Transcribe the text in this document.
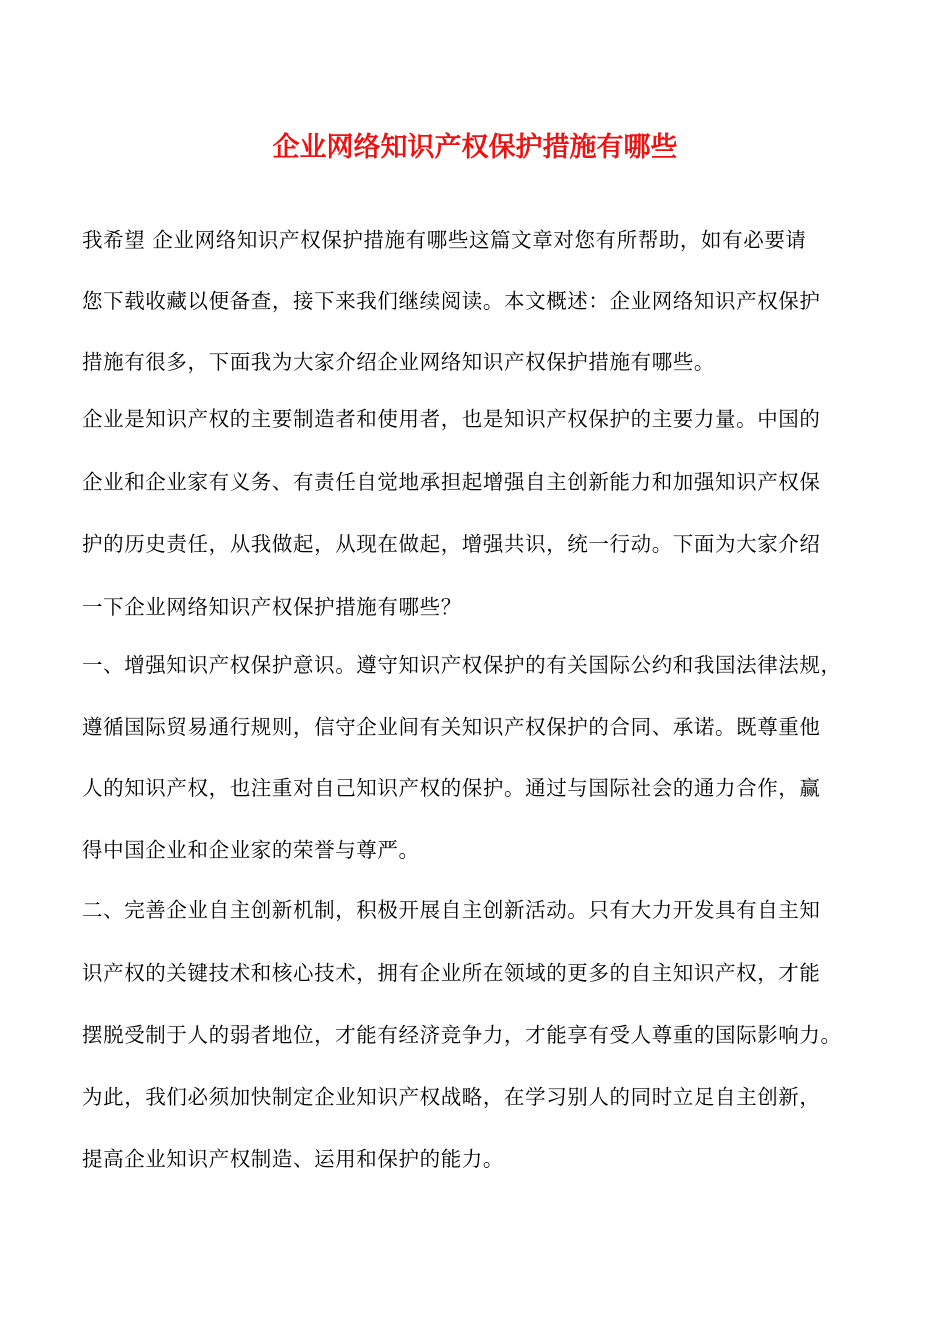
企业网络知识产权保护措施有哪些

我希望 企业网络知识产权保护措施有哪些这篇文章对您有所帮助，如有必要请

您下载收藏以便备查，接下来我们继续阅读。本文概述：企业网络知识产权保护

措施有很多，下面我为大家介绍企业网络知识产权保护措施有哪些。

企业是知识产权的主要制造者和使用者，也是知识产权保护的主要力量。中国的

企业和企业家有义务、有责任自觉地承担起增强自主创新能力和加强知识产权保

护的历史责任，从我做起，从现在做起，增强共识，统一行动。下面为大家介绍

一下企业网络知识产权保护措施有哪些？

一、增强知识产权保护意识。遵守知识产权保护的有关国际公约和我国法律法规，

遵循国际贸易通行规则，信守企业间有关知识产权保护的合同、承诺。既尊重他

人的知识产权，也注重对自己知识产权的保护。通过与国际社会的通力合作，赢

得中国企业和企业家的荣誉与尊严。

二、完善企业自主创新机制，积极开展自主创新活动。只有大力开发具有自主知

识产权的关键技术和核心技术，拥有企业所在领域的更多的自主知识产权，才能

摆脱受制于人的弱者地位，才能有经济竞争力，才能享有受人尊重的国际影响力。

为此，我们必须加快制定企业知识产权战略，在学习别人的同时立足自主创新，

提高企业知识产权制造、运用和保护的能力。
